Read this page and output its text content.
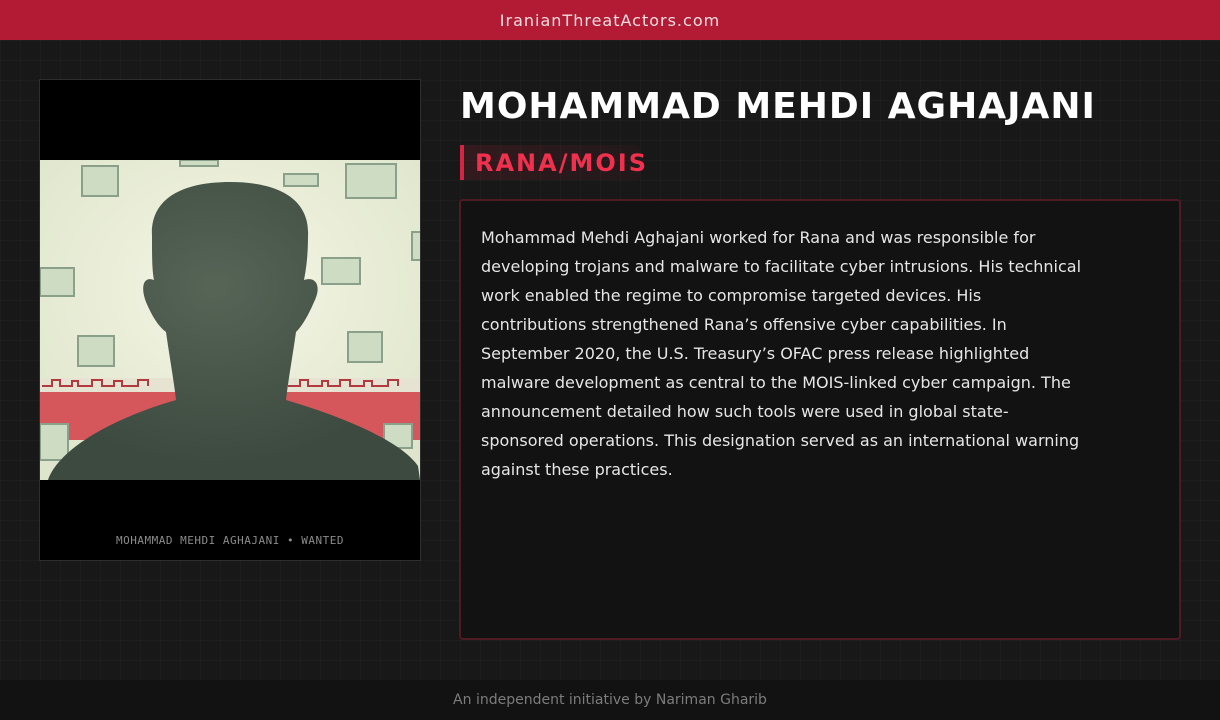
IranianThreatActors.com
MOHAMMAD MEHDI AGHAJANI • WANTED
MOHAMMAD MEHDI AGHAJANI
RANA/MOIS

Mohammad Mehdi Aghajani worked for Rana and was responsible for developing trojans and malware to facilitate cyber intrusions. His technical work enabled the regime to compromise targeted devices. His contributions strengthened Rana’s offensive cyber capabilities. In September 2020, the U.S. Treasury’s OFAC press release highlighted malware development as central to the MOIS-linked cyber campaign. The announcement detailed how such tools were used in global state-sponsored operations. This designation served as an international warning against these practices.

An independent initiative by Nariman Gharib
